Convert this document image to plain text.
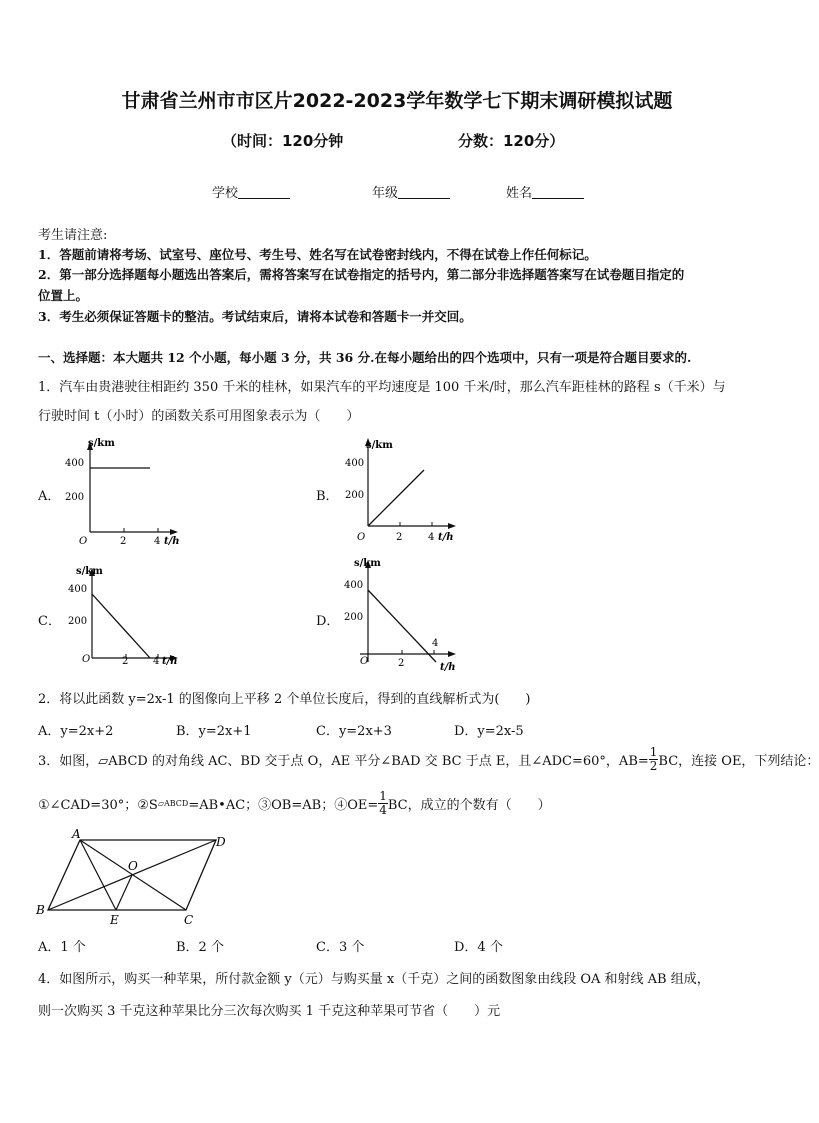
甘肃省兰州市市区片2022-2023学年数学七下期末调研模拟试题
（时间：120分钟	分数：120分）
学校	年级	姓名
考生请注意:
1．答题前请将考场、试室号、座位号、考生号、姓名写在试卷密封线内，不得在试卷上作任何标记。
2．第一部分选择题每小题选出答案后，需将答案写在试卷指定的括号内，第二部分非选择题答案写在试卷题目指定的
位置上。
3．考生必须保证答题卡的整洁。考试结束后，请将本试卷和答题卡一并交回。
一、选择题：本大题共 12 个小题，每小题 3 分，共 36 分.在每小题给出的四个选项中，只有一项是符合题目要求的.
1．汽车由贵港驶往相距约 350 千米的桂林，如果汽车的平均速度是 100 千米/时，那么汽车距桂林的路程 s（千米）与
行驶时间 t（小时）的函数关系可用图象表示为（　　）
A．
s/km
400
200
O	2	4 t/h
B．
s/km
400
200
O	2	4 t/h
C．
s/km
400
200
O	2 4 t/h
D．
s/km
400
200
O	2
4
t/h
2．将以此函数 y=2x-1 的图像向上平移 2 个单位长度后，得到的直线解析式为(　　)
A．y=2x+2	B．y=2x+1	C．y=2x+3	D．y=2x-5
3．如图，▱ABCD 的对角线 AC、BD 交于点 O，AE 平分∠BAD 交 BC 于点 E，且∠ADC=60°，$AB= \frac{1}{2}$ BC，连接 OE，下列结论：
①∠CAD=30°；②S▱ABCD=AB•AC；③OB=AB；④OE= $\frac{1}{4}$ BC，成立的个数有（　　）
A
D
B
C
E
O
A．1 个	B．2 个	C．3 个	D．4 个
4．如图所示，购买一种苹果，所付款金额 y（元）与购买量 x（千克）之间的函数图象由线段 OA 和射线 AB 组成，
则一次购买 3 千克这种苹果比分三次每次购买 1 千克这种苹果可节省（　　）元
